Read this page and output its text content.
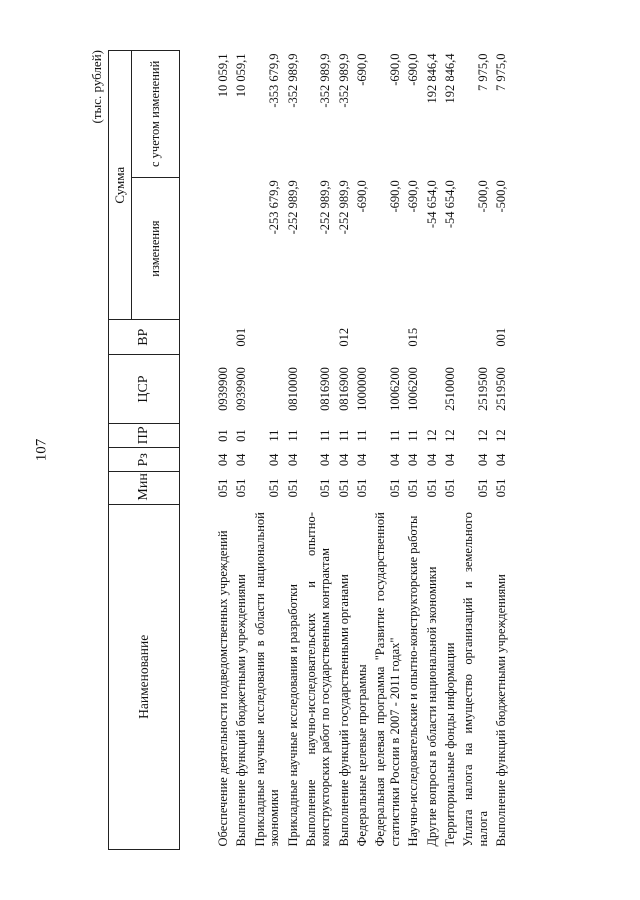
107
(тыс. рублей)
Наименование	Мин	Рз	ПР	ЦСР	ВР	Сумма	
						изменения	с учетом изменений
Обеспечение деятельности подведомственных учреждений	051	04	01	0939900			10 059,1
Выполнение функций бюджетными учреждениями	051	04	01	0939900	001		10 059,1
Прикладные научные исследования в области национальной экономики	051	04	11			-253 679,9	-353 679,9
Прикладные научные исследования и разработки	051	04	11	0810000		-252 989,9	-352 989,9
Выполнение научно-исследовательских и опытно-конструкторских работ по государственным контрактам	051	04	11	0816900		-252 989,9	-352 989,9
Выполнение функций государственными органами	051	04	11	0816900	012	-252 989,9	-352 989,9
Федеральные целевые программы	051	04	11	1000000		-690,0	-690,0
Федеральная целевая программа "Развитие государственной статистики России в 2007 - 2011 годах"	051	04	11	1006200		-690,0	-690,0
Научно-исследовательские и опытно-конструкторские работы	051	04	11	1006200	015	-690,0	-690,0
Другие вопросы в области национальной экономики	051	04	12			-54 654,0	192 846,4
Территориальные фонды информации	051	04	12	2510000		-54 654,0	192 846,4
Уплата налога на имущество организаций и земельного налога	051	04	12	2519500		-500,0	7 975,0
Выполнение функций бюджетными учреждениями	051	04	12	2519500	001	-500,0	7 975,0
